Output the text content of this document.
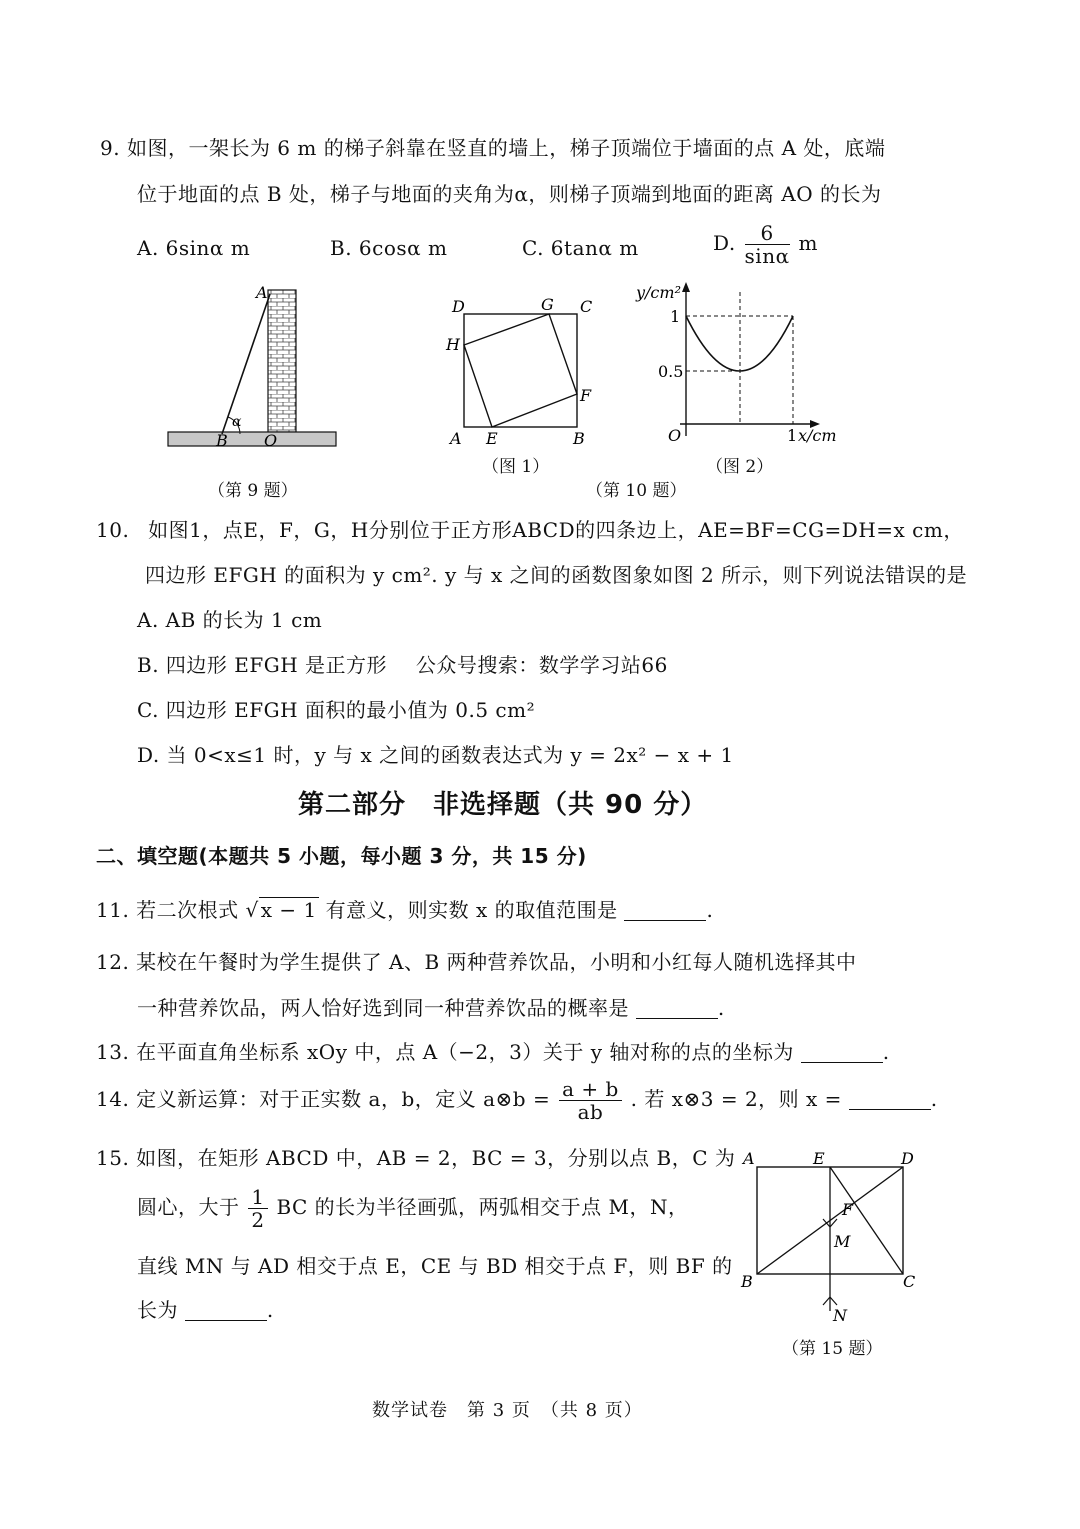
9. 如图，一架长为 6 m 的梯子斜靠在竖直的墙上，梯子顶端位于墙面的点 A 处，底端
位于地面的点 B 处，梯子与地面的夹角为α，则梯子顶端到地面的距离 AO 的长为
A. 6sinα m	B. 6cosα m	C. 6tanα m	D. $\frac{6}{\sin\alpha}$ m
A
α
B O
（第 9 题）
D	G C
H
F
A E	B
（图 1）
y/cm²
1
0.5
O	1 x/cm
（图 2）
（第 10 题）
10. 如图1，点E，F，G，H分别位于正方形ABCD的四条边上，AE=BF=CG=DH=x cm，
四边形 EFGH 的面积为 y cm². y 与 x 之间的函数图象如图 2 所示，则下列说法错误的是
A. AB 的长为 1 cm
B. 四边形 EFGH 是正方形 公众号搜索：数学学习站66
C. 四边形 EFGH 面积的最小值为 0.5 cm²
D. 当 0<x≤1 时，y 与 x 之间的函数表达式为 y = 2x² − x + 1
第二部分　非选择题（共 90 分）
二、填空题(本题共 5 小题，每小题 3 分，共 15 分)
11. 若二次根式 √ x − 1 有意义，则实数 x 的取值范围是	.
12. 某校在午餐时为学生提供了 A、B 两种营养饮品，小明和小红每人随机选择其中
一种营养饮品，两人恰好选到同一种营养饮品的概率是	.
13. 在平面直角坐标系 xOy 中，点 A（−2，3）关于 y 轴对称的点的坐标为	.
14. 定义新运算：对于正实数 a，b，定义 a⊗b = $\frac{a + b}{ab}$ . 若 x⊗3 = 2，则 x =	.
15. 如图，在矩形 ABCD 中，AB = 2，BC = 3，分别以点 B，C 为
圆心，大于 $\frac{1}{2}$ BC 的长为半径画弧，两弧相交于点 M，N，
直线 MN 与 AD 相交于点 E，CE 与 BD 相交于点 F，则 BF 的
长为	.
A	E	D
F
M
B	C
N
（第 15 题）
数学试卷　第 3 页　（共 8 页）
